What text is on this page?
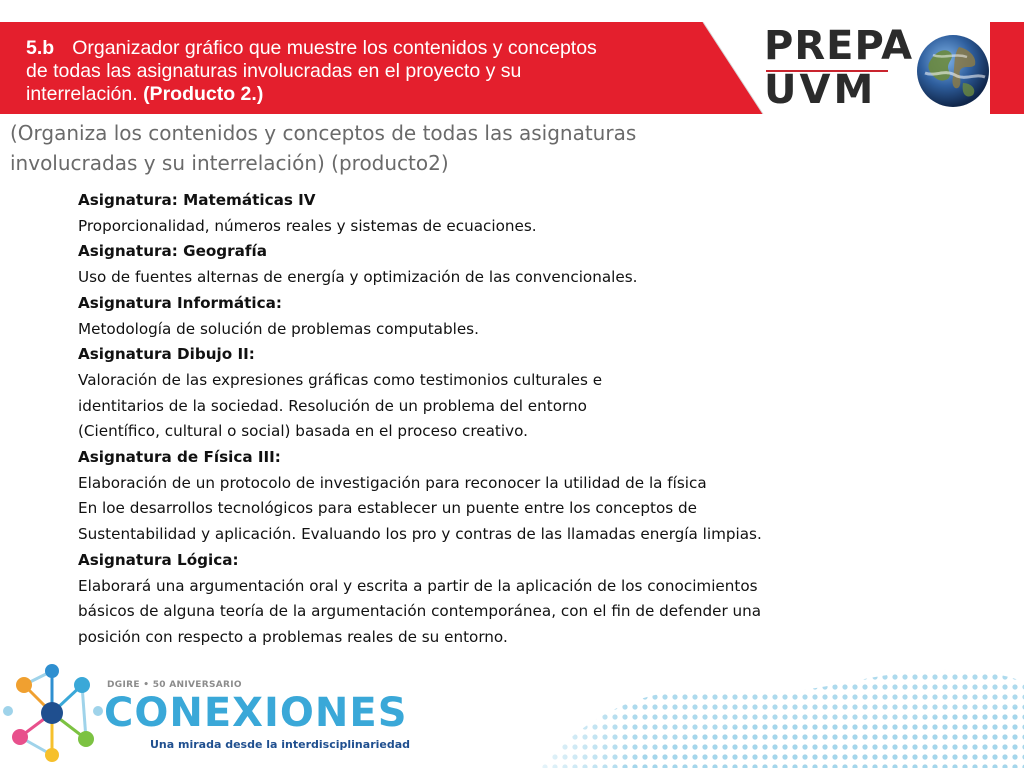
5.b Organizador gráfico que muestre los contenidos y conceptos
de todas las asignaturas involucradas en el proyecto y su
interrelación. (Producto 2.)
PREPA
UVM
(Organiza los contenidos y conceptos de todas las asignaturas
involucradas y su interrelación) (producto2)
Asignatura: Matemáticas IV
Proporcionalidad, números reales y sistemas de ecuaciones.
Asignatura: Geografía
Uso de fuentes alternas de energía y optimización de las convencionales.
Asignatura Informática:
Metodología de solución de problemas computables.
Asignatura Dibujo II:
Valoración de las expresiones gráficas como testimonios culturales e
identitarios de la sociedad. Resolución de un problema del entorno
(Científico, cultural o social) basada en el proceso creativo.
Asignatura de Física III:
Elaboración de un protocolo de investigación para reconocer la utilidad de la física
En loe desarrollos tecnológicos para establecer un puente entre los conceptos de
Sustentabilidad y aplicación. Evaluando los pro y contras de las llamadas energía limpias.
Asignatura Lógica:
Elaborará una argumentación oral y escrita a partir de la aplicación de los conocimientos
básicos de alguna teoría de la argumentación contemporánea, con el fin de defender una
posición con respecto a problemas reales de su entorno.
DGIRE • 50 ANIVERSARIO
CONEXIONES
Una mirada desde la interdisciplinariedad
